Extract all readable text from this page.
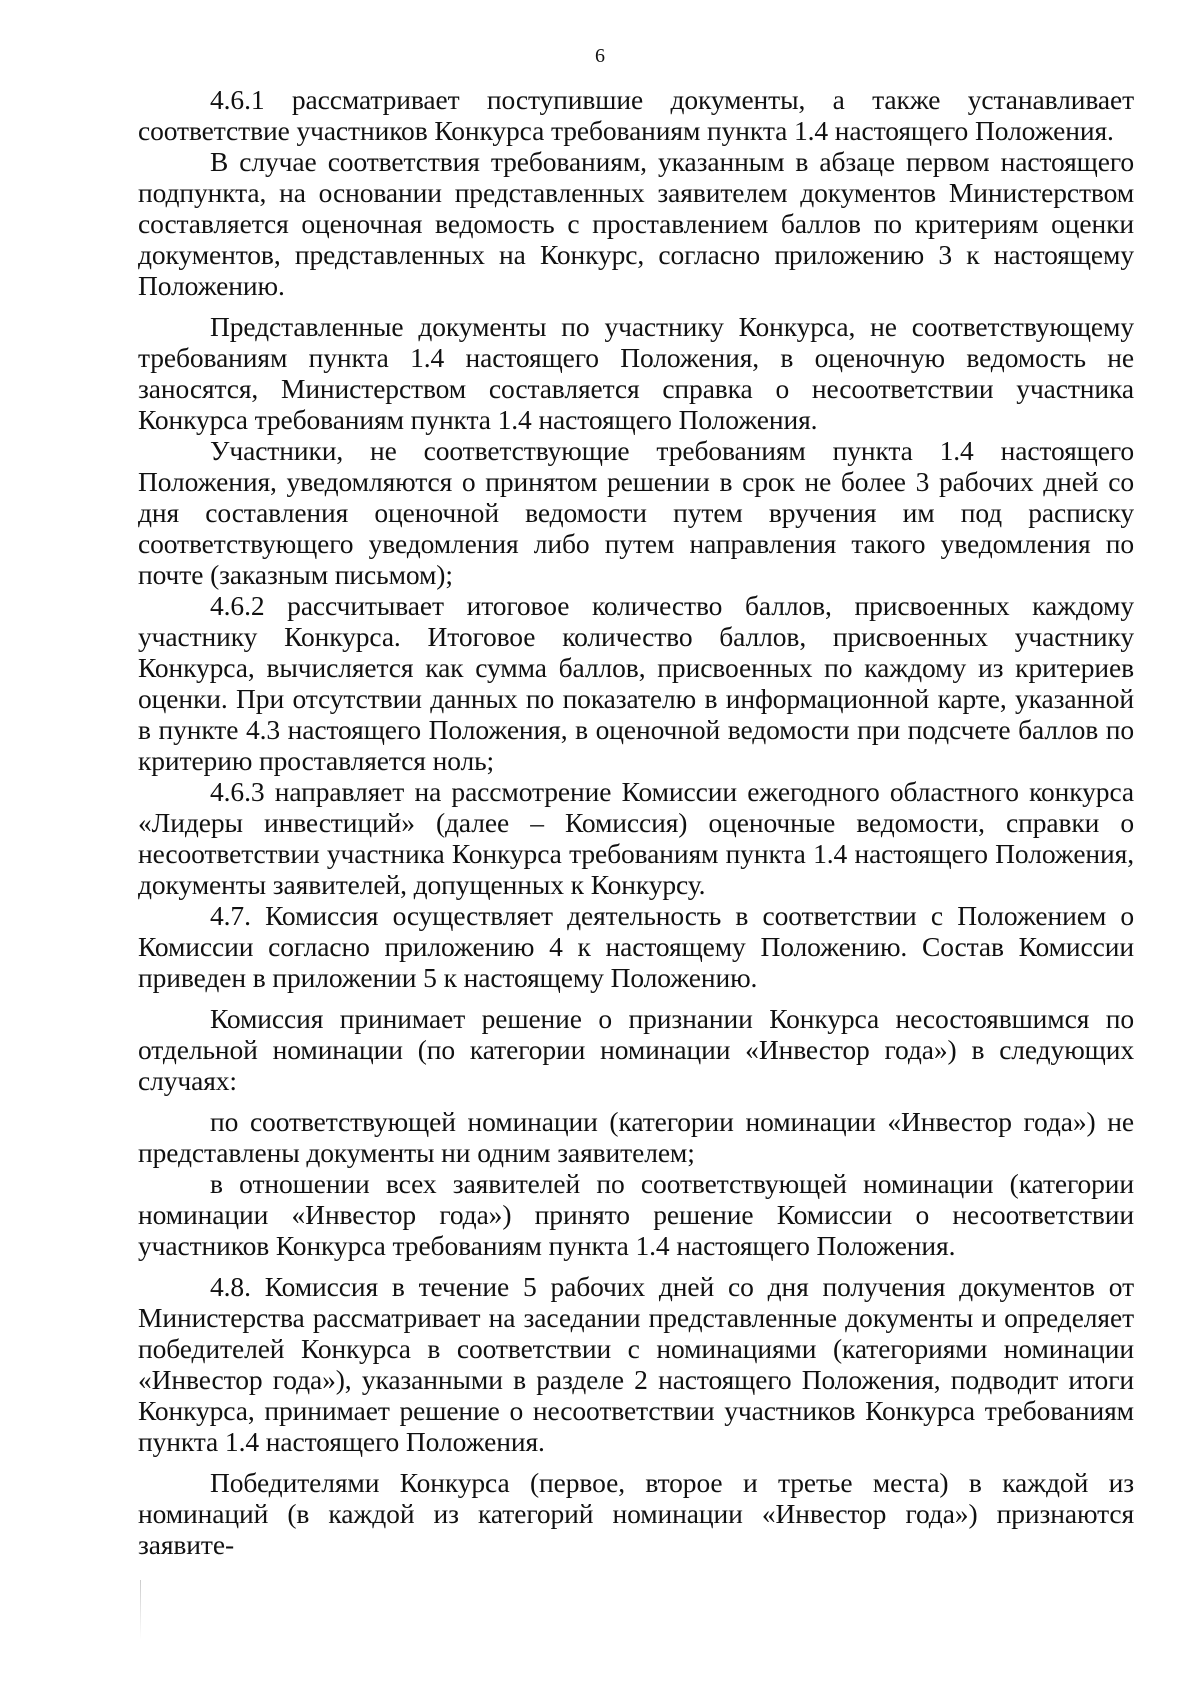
6

4.6.1 рассматривает поступившие документы, а также устанавливает соответствие участников Конкурса требованиям пункта 1.4 настоящего Положения.

В случае соответствия требованиям, указанным в абзаце первом настоящего подпункта, на основании представленных заявителем документов Министерством составляется оценочная ведомость с проставлением баллов по критериям оценки документов, представленных на Конкурс, согласно приложению 3 к настоящему Положению.

Представленные документы по участнику Конкурса, не соответствующему требованиям пункта 1.4 настоящего Положения, в оценочную ведомость не заносятся, Министерством составляется справка о несоответствии участника Конкурса требованиям пункта 1.4 настоящего Положения.

Участники, не соответствующие требованиям пункта 1.4 настоящего Положения, уведомляются о принятом решении в срок не более 3 рабочих дней со дня составления оценочной ведомости путем вручения им под расписку соответствующего уведомления либо путем направления такого уведомления по почте (заказным письмом);

4.6.2 рассчитывает итоговое количество баллов, присвоенных каждому участнику Конкурса. Итоговое количество баллов, присвоенных участнику Конкурса, вычисляется как сумма баллов, присвоенных по каждому из критериев оценки. При отсутствии данных по показателю в информационной карте, указанной в пункте 4.3 настоящего Положения, в оценочной ведомости при подсчете баллов по критерию проставляется ноль;

4.6.3 направляет на рассмотрение Комиссии ежегодного областного конкурса «Лидеры инвестиций» (далее – Комиссия) оценочные ведомости, справки о несоответствии участника Конкурса требованиям пункта 1.4 настоящего Положения, документы заявителей, допущенных к Конкурсу.

4.7. Комиссия осуществляет деятельность в соответствии с Положением о Комиссии согласно приложению 4 к настоящему Положению. Состав Комиссии приведен в приложении 5 к настоящему Положению.

Комиссия принимает решение о признании Конкурса несостоявшимся по отдельной номинации (по категории номинации «Инвестор года») в следующих случаях:

по соответствующей номинации (категории номинации «Инвестор года») не представлены документы ни одним заявителем;

в отношении всех заявителей по соответствующей номинации (категории номинации «Инвестор года») принято решение Комиссии о несоответствии участников Конкурса требованиям пункта 1.4 настоящего Положения.

4.8. Комиссия в течение 5 рабочих дней со дня получения документов от Министерства рассматривает на заседании представленные документы и определяет победителей Конкурса в соответствии с номинациями (категориями номинации «Инвестор года»), указанными в разделе 2 настоящего Положения, подводит итоги Конкурса, принимает решение о несоответствии участников Конкурса требованиям пункта 1.4 настоящего Положения.

Победителями Конкурса (первое, второе и третье места) в каждой из номинаций (в каждой из категорий номинации «Инвестор года») признаются заявите-
